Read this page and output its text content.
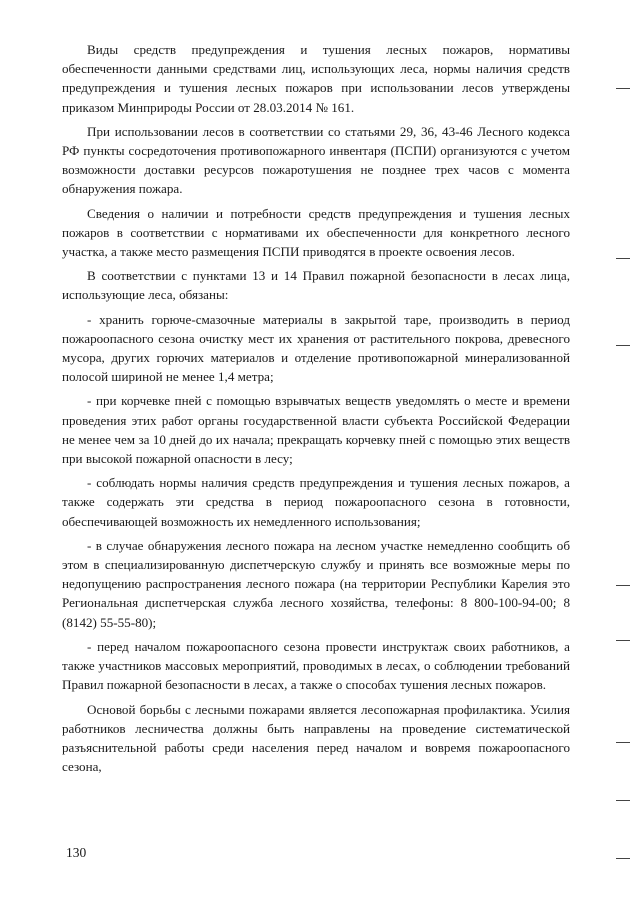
Виды средств предупреждения и тушения лесных пожаров, нормативы обеспеченности данными средствами лиц, использующих леса, нормы наличия средств предупреждения и тушения лесных пожаров при использовании лесов утверждены приказом Минприроды России от 28.03.2014 № 161.

При использовании лесов в соответствии со статьями 29, 36, 43-46 Лесного кодекса РФ пункты сосредоточения противопожарного инвентаря (ПСПИ) организуются с учетом возможности доставки ресурсов пожаротушения не позднее трех часов с момента обнаружения пожара.

Сведения о наличии и потребности средств предупреждения и тушения лесных пожаров в соответствии с нормативами их обеспеченности для конкретного лесного участка, а также место размещения ПСПИ приводятся в проекте освоения лесов.

В соответствии с пунктами 13 и 14 Правил пожарной безопасности в лесах лица, использующие леса, обязаны:

- хранить горюче-смазочные материалы в закрытой таре, производить в период пожароопасного сезона очистку мест их хранения от растительного покрова, древесного мусора, других горючих материалов и отделение противопожарной минерализованной полосой шириной не менее 1,4 метра;

- при корчевке пней с помощью взрывчатых веществ уведомлять о месте и времени проведения этих работ органы государственной власти субъекта Российской Федерации не менее чем за 10 дней до их начала; прекращать корчевку пней с помощью этих веществ при высокой пожарной опасности в лесу;

- соблюдать нормы наличия средств предупреждения и тушения лесных пожаров, а также содержать эти средства в период пожароопасного сезона в готовности, обеспечивающей возможность их немедленного использования;

- в случае обнаружения лесного пожара на лесном участке немедленно сообщить об этом в специализированную диспетчерскую службу и принять все возможные меры по недопущению распространения лесного пожара (на территории Республики Карелия это Региональная диспетчерская служба лесного хозяйства, телефоны: 8 800-100-94-00; 8 (8142) 55-55-80);

- перед началом пожароопасного сезона провести инструктаж своих работников, а также участников массовых мероприятий, проводимых в лесах, о соблюдении требований Правил пожарной безопасности в лесах, а также о способах тушения лесных пожаров.

Основой борьбы с лесными пожарами является лесопожарная профилактика. Усилия работников лесничества должны быть направлены на проведение систематической разъяснительной работы среди населения перед началом и вовремя пожароопасного сезона,

130
